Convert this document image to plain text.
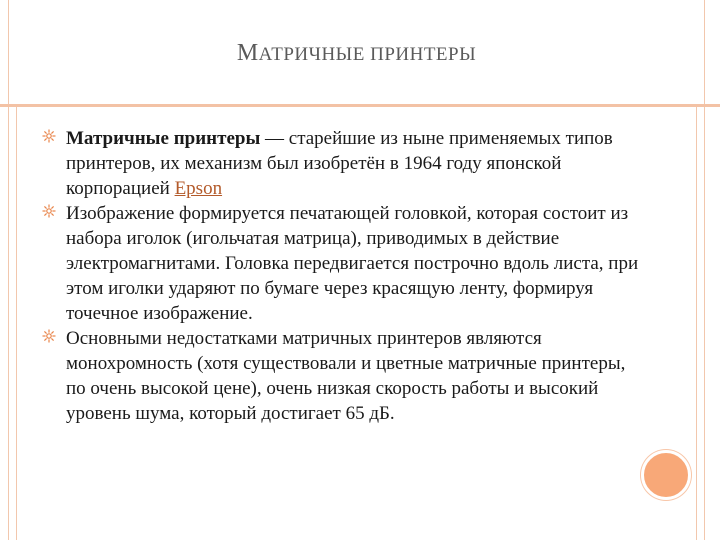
МАТРИЧНЫЕ ПРИНТЕРЫ
Матричные принтеры — старейшие из ныне применяемых типов принтеров, их механизм был изобретён в 1964 году японской корпорацией Epson
Изображение формируется печатающей головкой, которая состоит из набора иголок (игольчатая матрица), приводимых в действие электромагнитами. Головка передвигается построчно вдоль листа, при этом иголки ударяют по бумаге через красящую ленту, формируя точечное изображение.
Основными недостатками матричных принтеров являются монохромность (хотя существовали и цветные матричные принтеры, по очень высокой цене), очень низкая скорость работы и высокий уровень шума, который достигает 65 дБ.
